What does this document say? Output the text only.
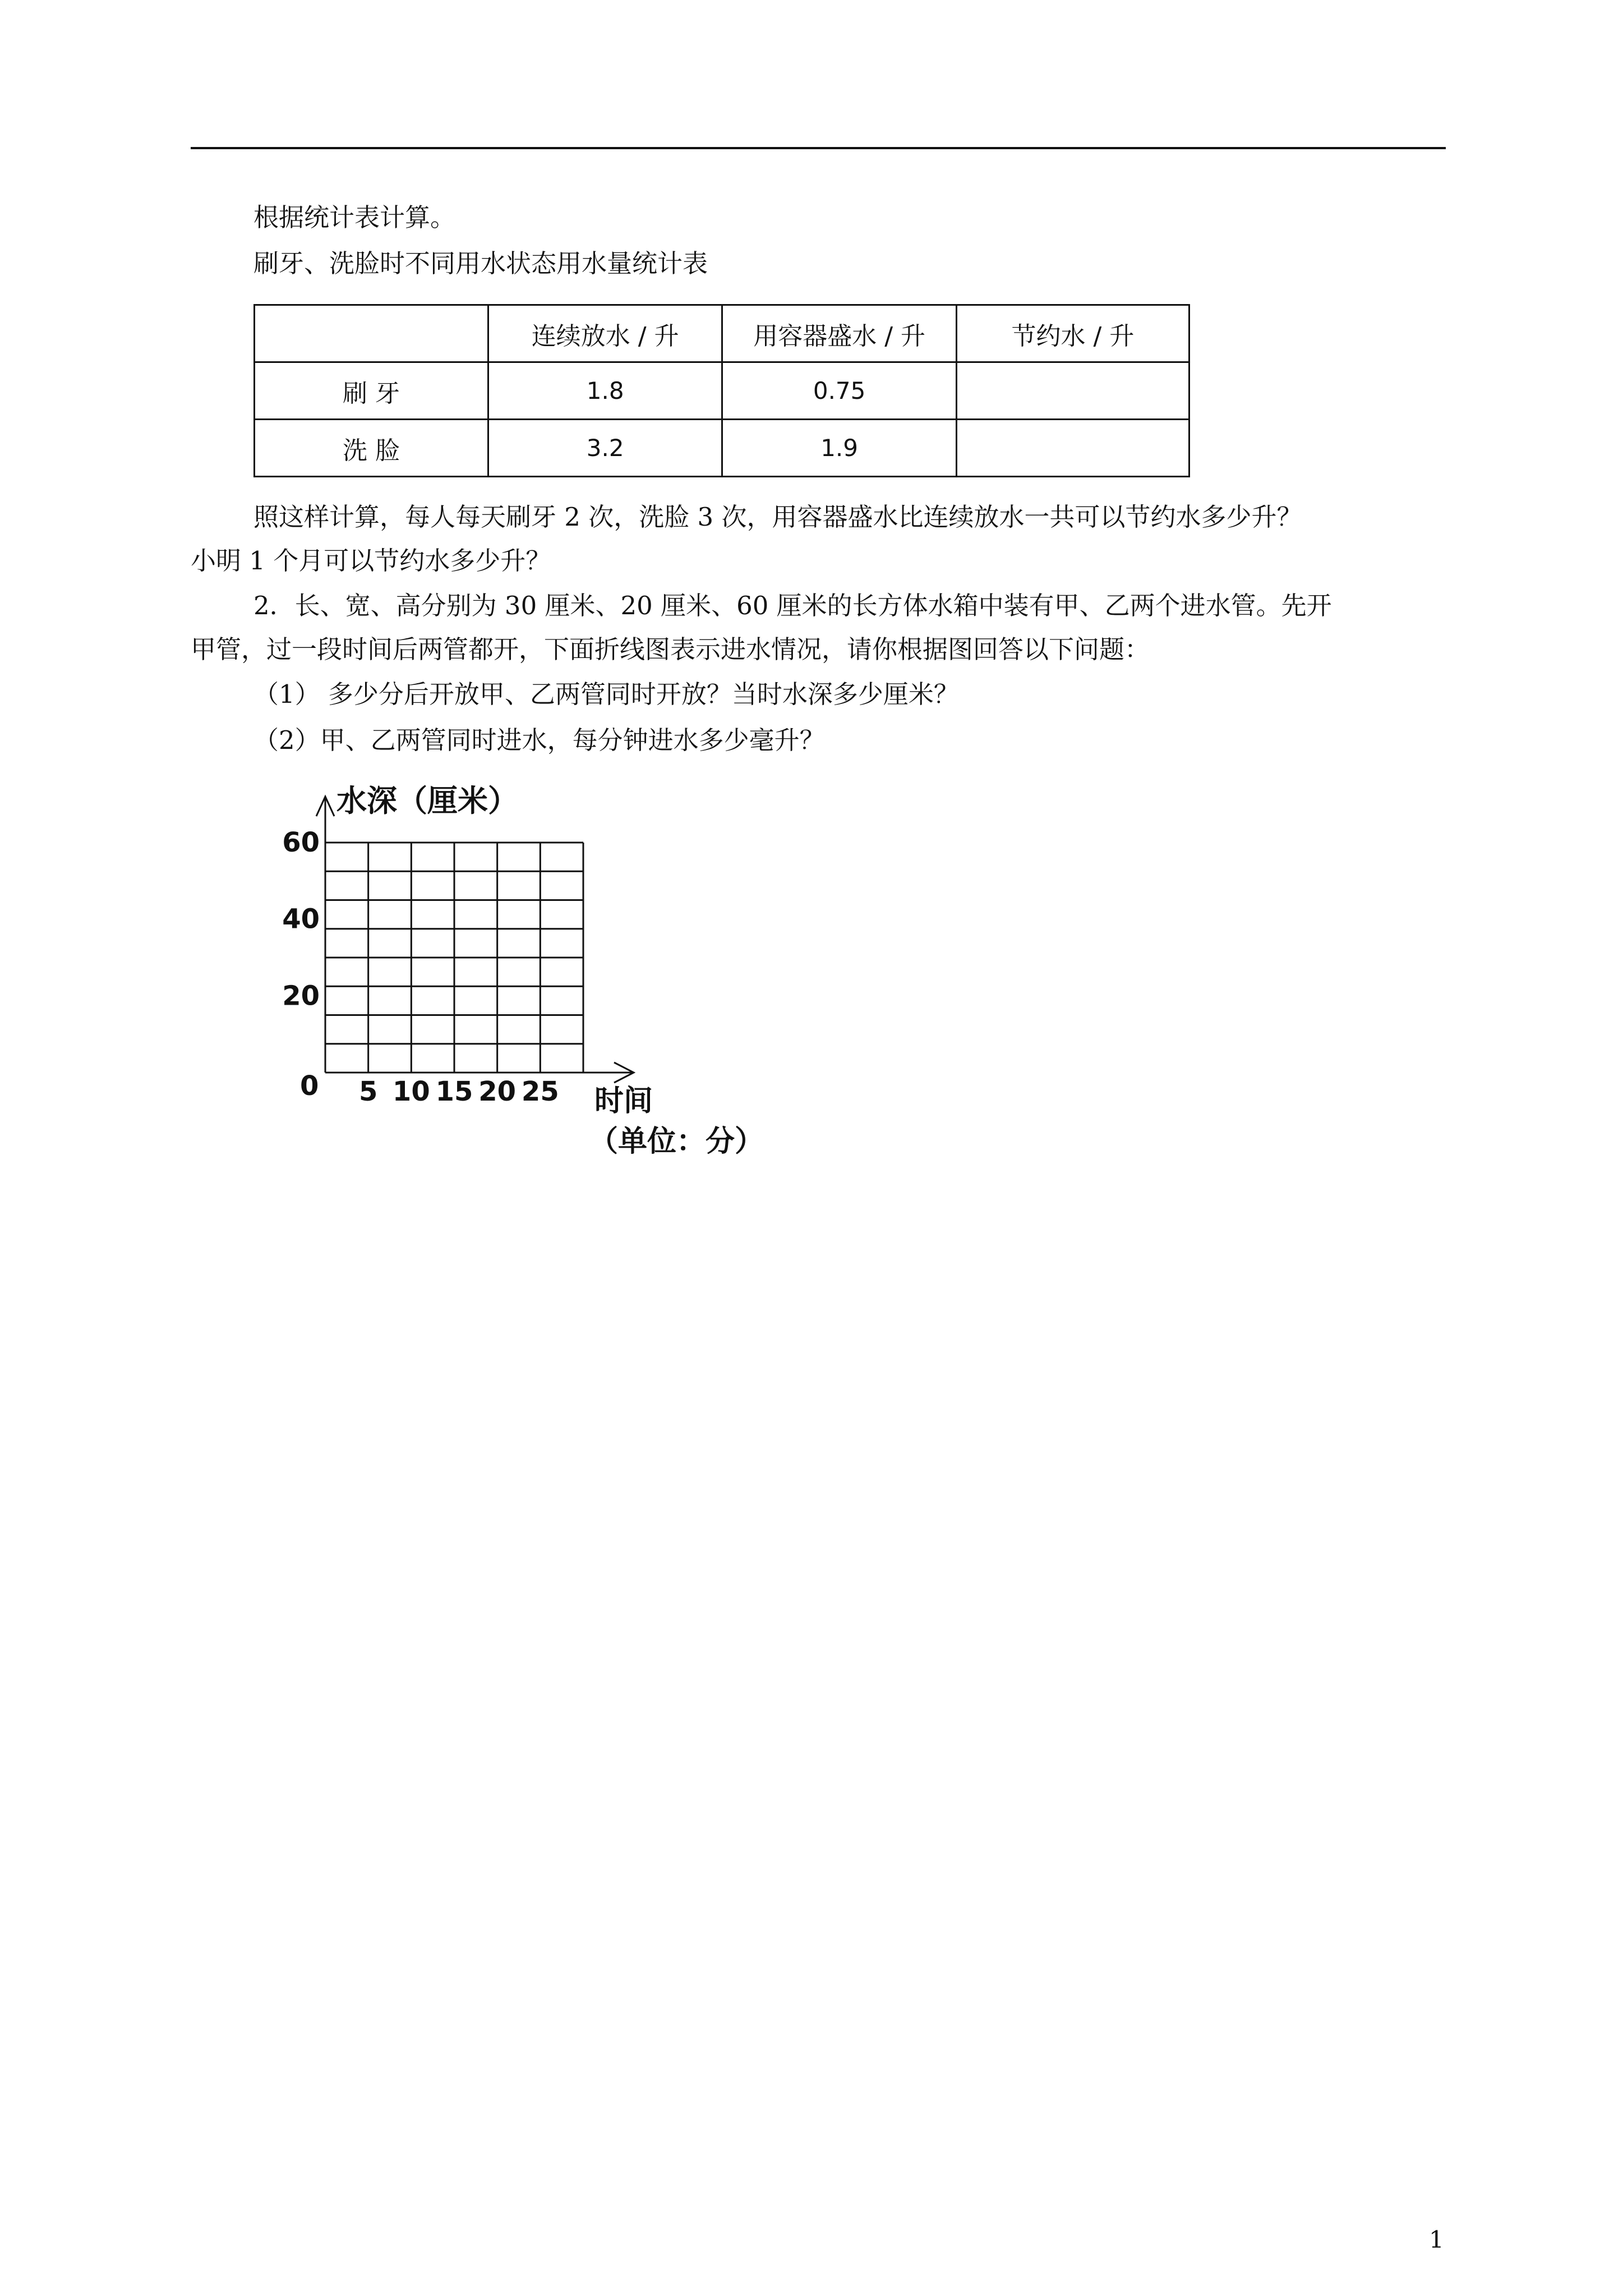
根据统计表计算。
刷牙、洗脸时不同用水状态用水量统计表
	连续放水 / 升	用容器盛水 / 升	节约水 / 升
刷 牙	1.8	0.75	
洗 脸	3.2	1.9	
照这样计算，每人每天刷牙 2 次，洗脸 3 次，用容器盛水比连续放水一共可以节约水多少升？
小明 1 个月可以节约水多少升？
2．长、宽、高分别为 30 厘米、20 厘米、60 厘米的长方体水箱中装有甲、乙两个进水管。先开
甲管，过一段时间后两管都开，下面折线图表示进水情况，请你根据图回答以下问题：
（1） 多少分后开放甲、乙两管同时开放？当时水深多少厘米？
（2）甲、乙两管同时进水，每分钟进水多少毫升？
0 5 10 15 20 25
20
40
60
水深（厘米）
时间
（单位：分）
1
